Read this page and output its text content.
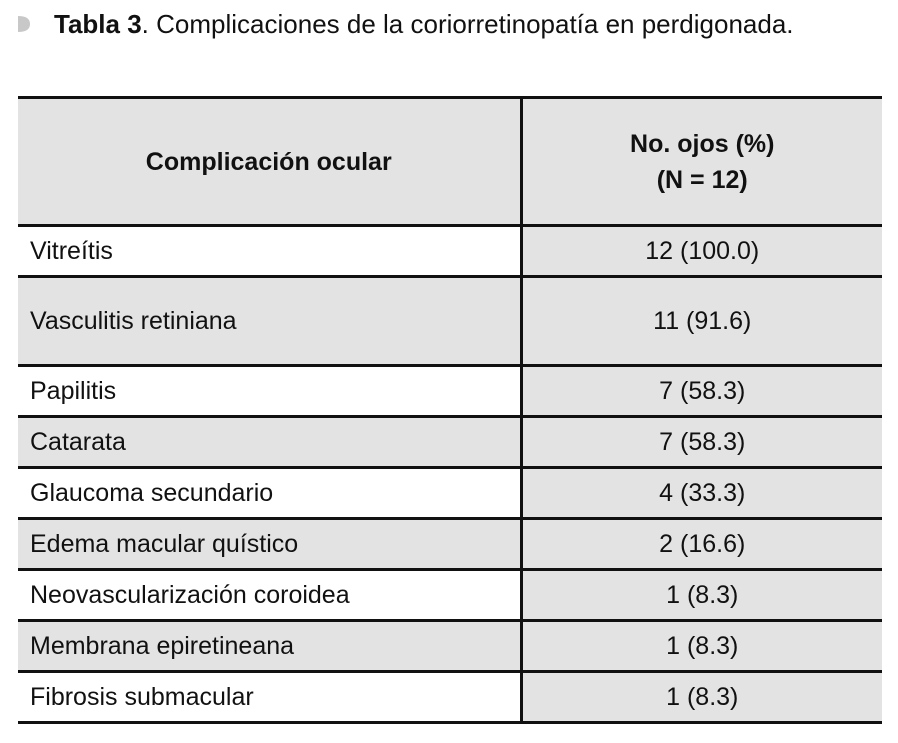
Tabla 3 . Complicaciones de la coriorretinopatía en perdigonada.
Complicación ocular	No. ojos (%)
(N = 12)

Vitreítis	12 (100.0)
Vasculitis retiniana	11 (91.6)
Papilitis	7 (58.3)
Catarata	7 (58.3)
Glaucoma secundario	4 (33.3)
Edema macular quístico	2 (16.6)
Neovascularización coroidea	1 (8.3)
Membrana epiretineana	1 (8.3)
Fibrosis submacular	1 (8.3)
